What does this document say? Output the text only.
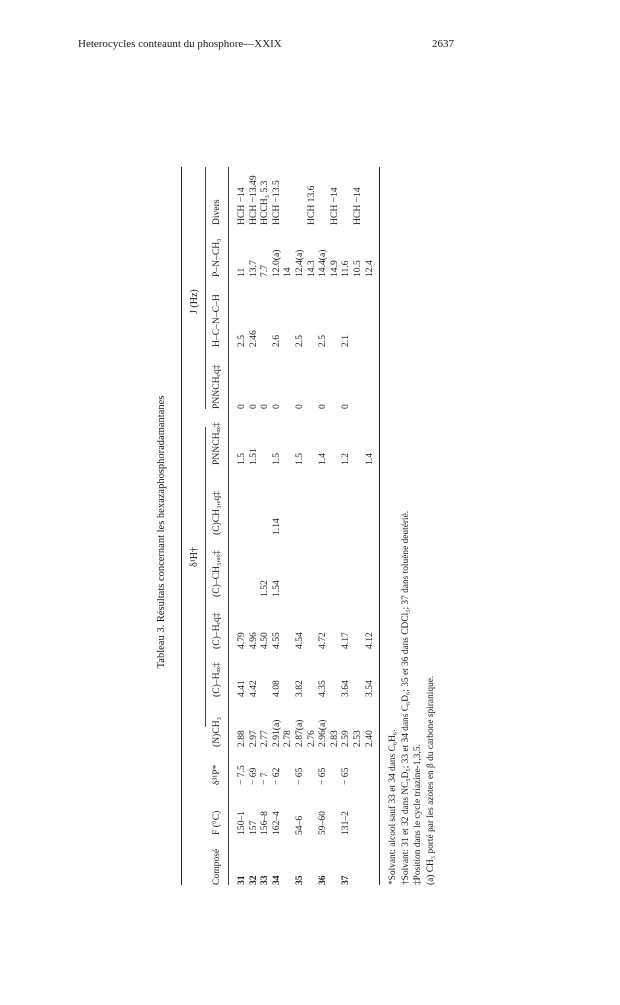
Heterocycles conteaunt du phosphore—XXIX	2637
Tableau 3. Résultats concernant les hexazaphosphoradamantanes δ¹H†
J (Hz)
Composé
F (°C)
δ³¹P*
(N)CH₃
(C)–Hₐₓ‡
(C)–Hₑq‡
(C)–CH₃,ₐₓ‡
(C)CH₃,ₑq‡
PNNCHₐₓ‡
PNNCHₑq‡
H–C–N–C–H
P–N–CH₃
Divers
31
150–1
− 7.5
2.88
4.41
4.79
1.5
0
2.5
11
HCH −14
32
157
− 69
2.97
4.42
4.96
1.51
0
2.46
13.7
HCH −13.49
33
156–8
− 7
2.77
4.50
1.52
0
7.7
HCCH₃ 5.3
34
162–4
− 62
2.91(a)
4.08
4.55
1.54
1.14
1.5
0
2.6
12.0(a)
HCH −13.5
2.78
14
35
54–6
− 65
2.87(a)
3.82
4.54
1.5
0
2.5
12.4(a)
2.76
14.3
HCH 13.6
36
59–60
− 65
2.96(a)
4.35
4.72
1.4
0
2.5
14.4(a)
2.83
14.9
HCH −14
37
131–2
− 65
2.59
3.64
4.17
1.2
0
2.1
11.6
2.53
10.5
HCH −14
2.40
3.54
4.12
1.4
12.4
*Solvant: alcool sauf 33 et 34 dans C₆H₆. †Solvant: 31 et 32 dans NC₅D₅; 33 et 34 dans C₆D₆; 35 et 36 dans CDCl₃; 37 dans toluène deutérié. ‡Position dans le cycle triazine-1,3,5. (a) CH₃ porté par les azotes en β du carbone spiranique.
